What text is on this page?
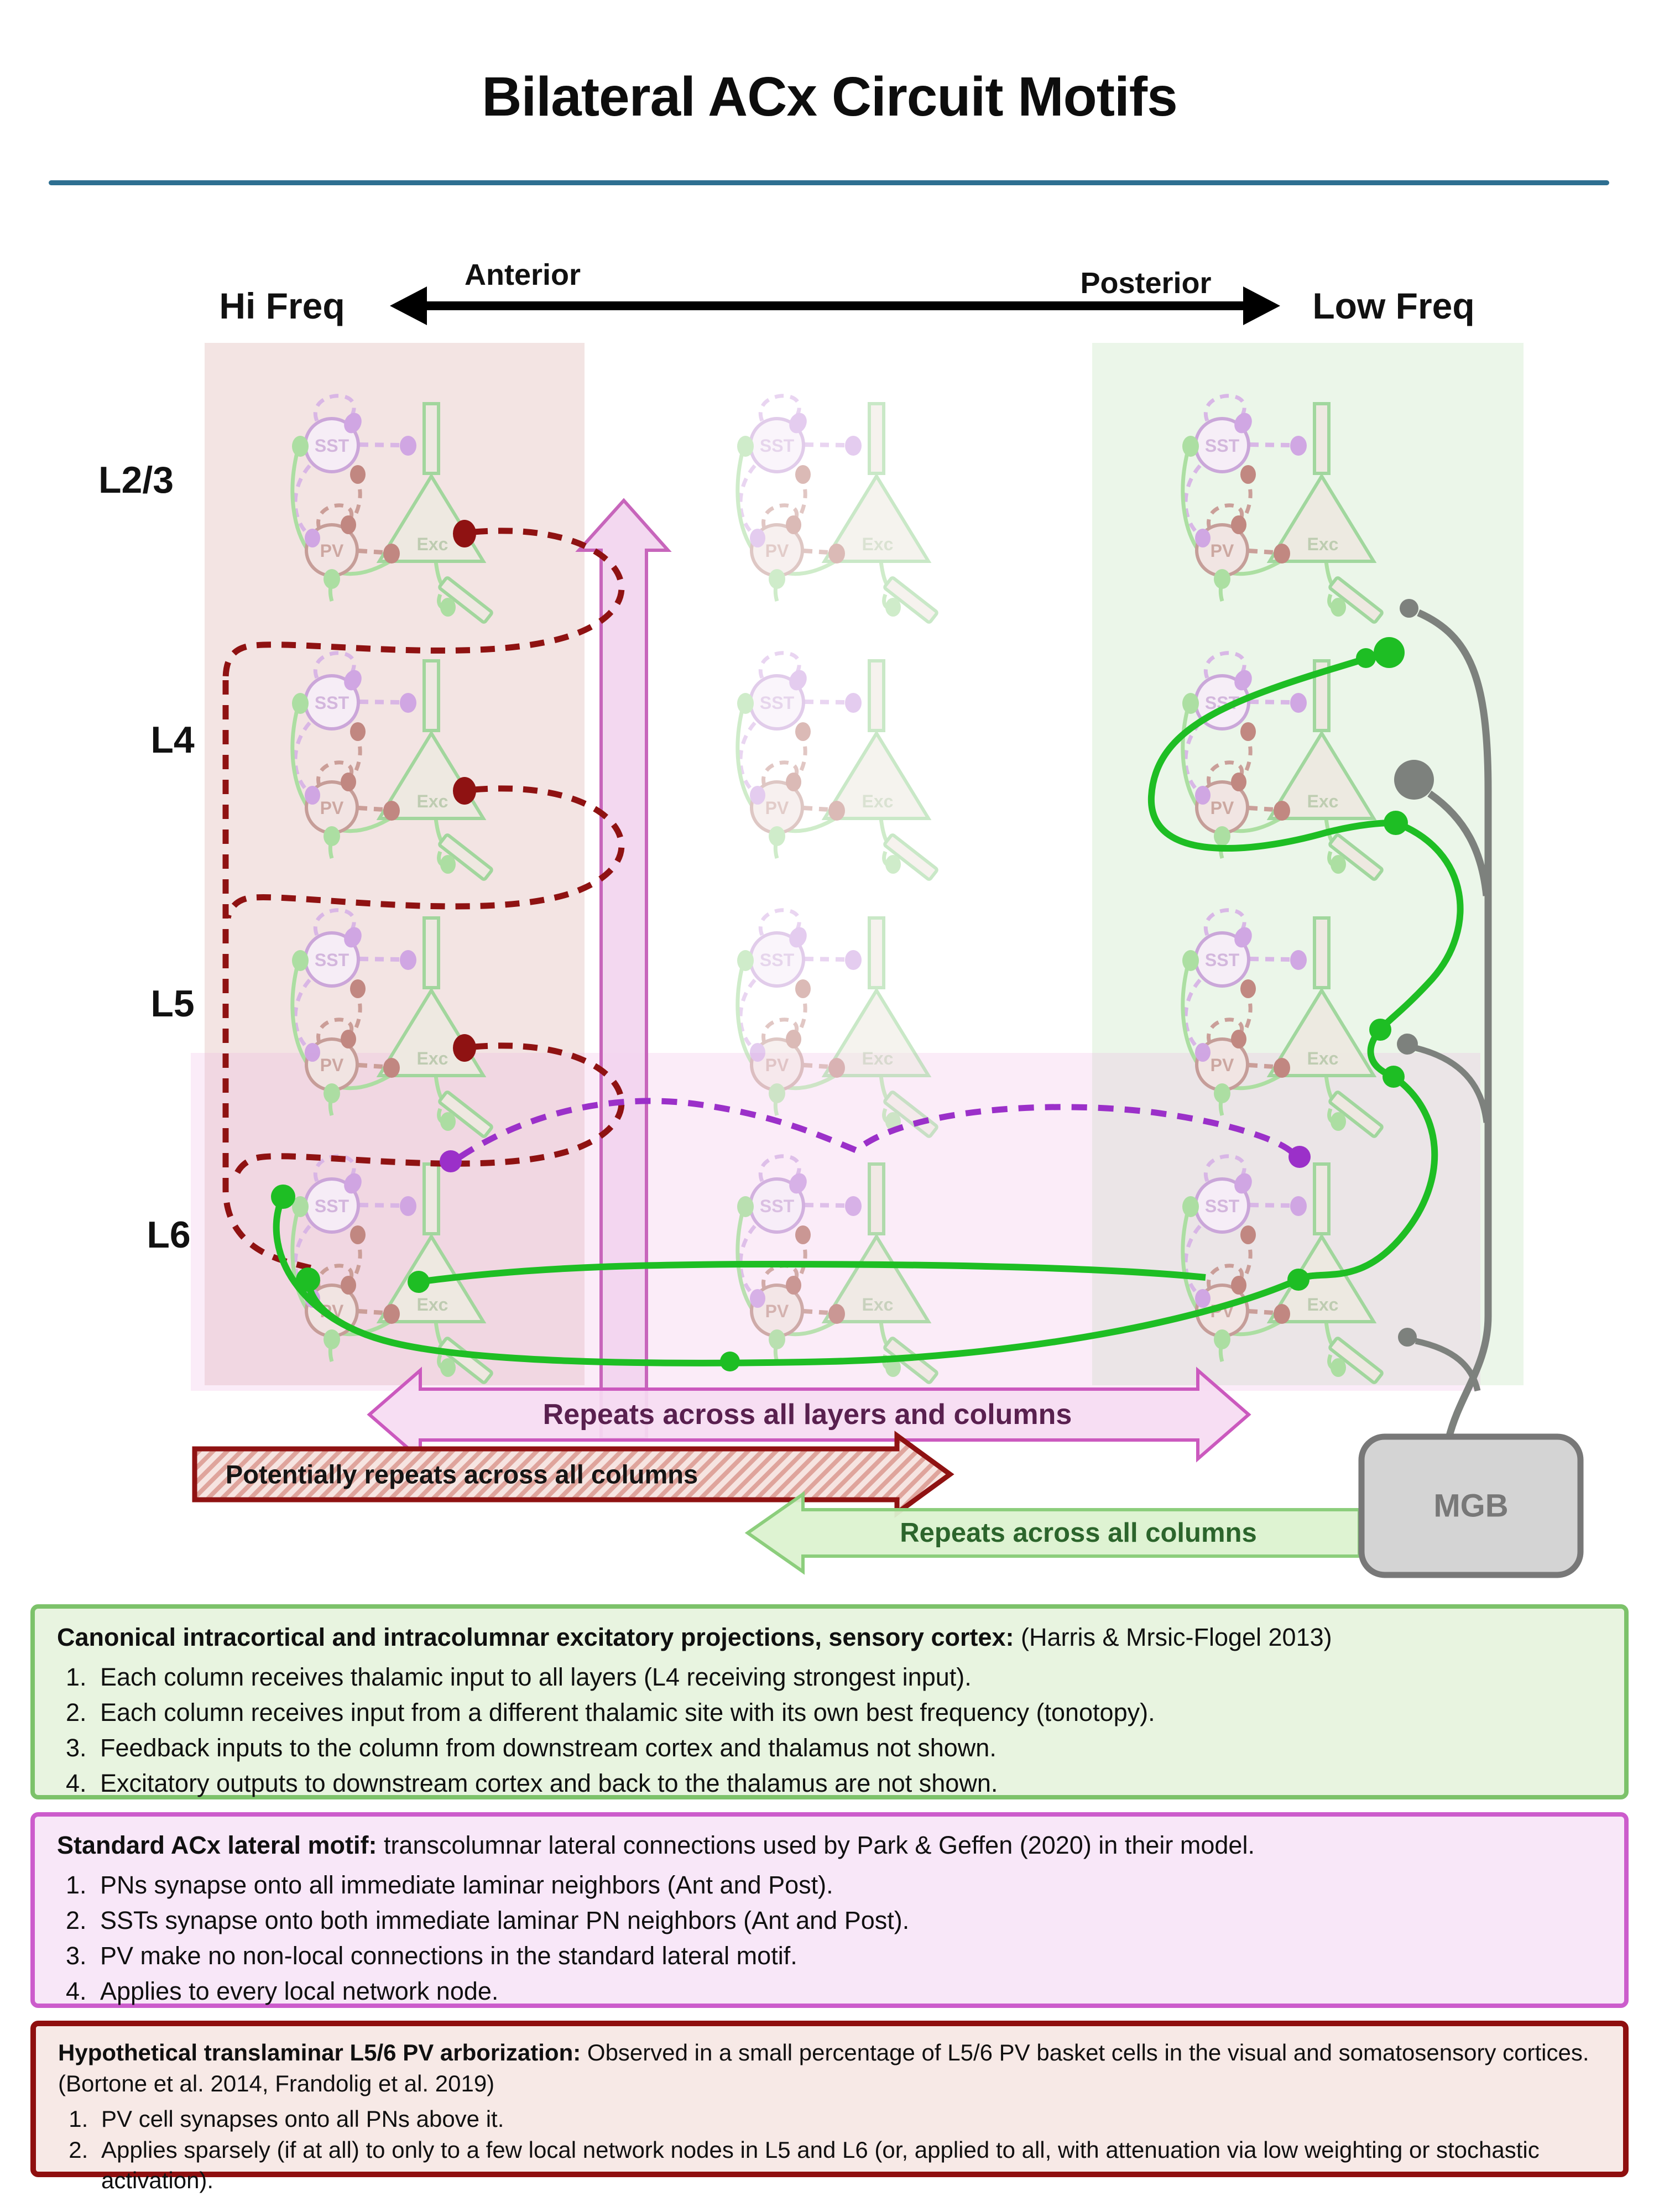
Bilateral ACx Circuit Motifs
SST
PV	Exc
Anterior	Posterior
Hi Freq	Low Freq
L2/3
L4
L5
L6
Repeats across all layers and columns
Potentially repeats across all columns
Repeats across all columns
MGB
Canonical intracortical and intracolumnar excitatory projections, sensory cortex: (Harris & Mrsic-Flogel 2013)
1. Each column receives thalamic input to all layers (L4 receiving strongest input).
2. Each column receives input from a different thalamic site with its own best frequency (tonotopy).
3. Feedback inputs to the column from downstream cortex and thalamus not shown.
4. Excitatory outputs to downstream cortex and back to the thalamus are not shown.
Standard ACx lateral motif: transcolumnar lateral connections used by Park & Geffen (2020) in their model.
1. PNs synapse onto all immediate laminar neighbors (Ant and Post).
2. SSTs synapse onto both immediate laminar PN neighbors (Ant and Post).
3. PV make no non-local connections in the standard lateral motif.
4. Applies to every local network node.
Hypothetical translaminar L5/6 PV arborization: Observed in a small percentage of L5/6 PV basket cells in the visual and somatosensory cortices. (Bortone et al. 2014, Frandolig et al. 2019)
1. PV cell synapses onto all PNs above it.
2. Applies sparsely (if at all) to only to a few local network nodes in L5 and L6 (or, applied to all, with attenuation via low weighting or stochastic activation).
